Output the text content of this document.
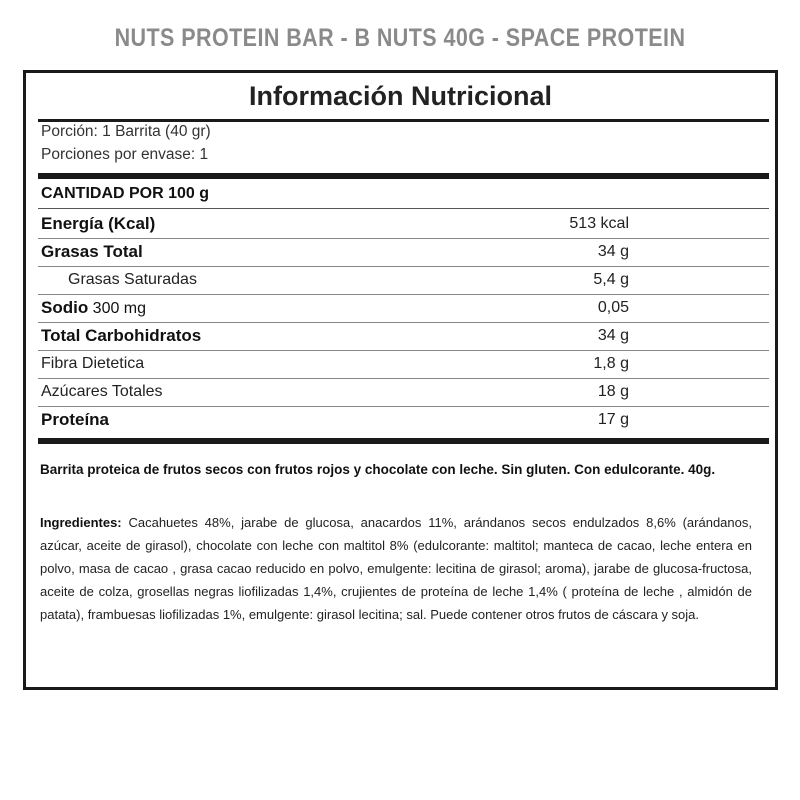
NUTS PROTEIN BAR - B NUTS 40G - SPACE PROTEIN
Información Nutricional
Porción: 1 Barrita (40 gr)
Porciones por envase: 1
CANTIDAD POR 100 g
Energía (Kcal)	513 kcal
Grasas Total	34 g
Grasas Saturadas	5,4 g
Sodio 300 mg	0,05
Total Carbohidratos	34 g
Fibra Dietetica	1,8 g
Azúcares Totales	18 g
Proteína	17 g
Barrita proteica de frutos secos con frutos rojos y chocolate con leche. Sin gluten. Con edulcorante. 40g.
Ingredientes: Cacahuetes 48%, jarabe de glucosa, anacardos 11%, arándanos secos endulzados 8,6% (arándanos, azúcar, aceite de girasol), chocolate con leche con maltitol 8% (edulcorante: maltitol; manteca de cacao, leche entera en polvo, masa de cacao , grasa cacao reducido en polvo, emulgente: lecitina de girasol; aroma), jarabe de glucosa-fructosa, aceite de colza, grosellas negras liofilizadas 1,4%, crujientes de proteína de leche 1,4% ( proteína de leche , almidón de patata), frambuesas liofilizadas 1%, emulgente: girasol lecitina; sal. Puede contener otros frutos de cáscara y soja.
